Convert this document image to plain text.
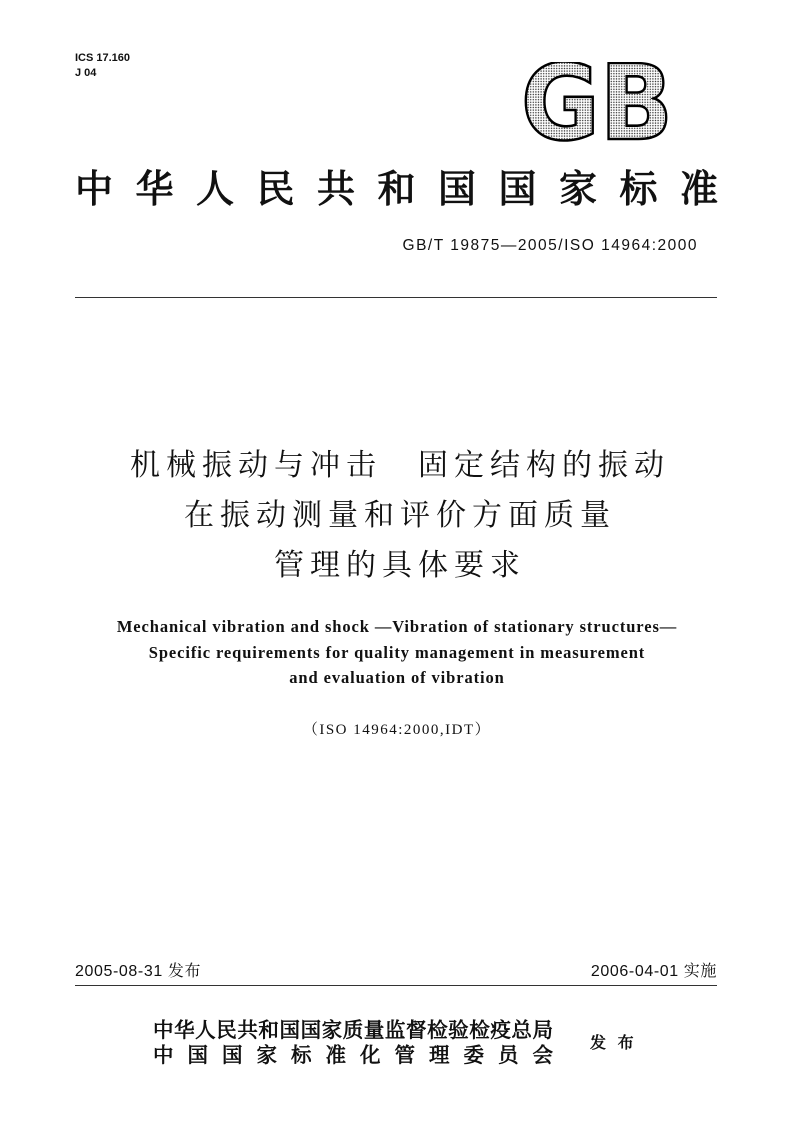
ICS 17.160
J 04	GB
中华人民共和国国家标准
GB/T 19875—2005/ISO 14964:2000
机械振动与冲击　固定结构的振动
在振动测量和评价方面质量
管理的具体要求
Mechanical vibration and shock —Vibration of stationary structures—
Specific requirements for quality management in measurement
and evaluation of vibration
（ISO 14964:2000,IDT）
2005-08-31 发布	2006-04-01 实施
中华人民共和国国家质量监督检验检疫总局
中 国 国 家 标 准 化 管 理 委 员 会
发 布
